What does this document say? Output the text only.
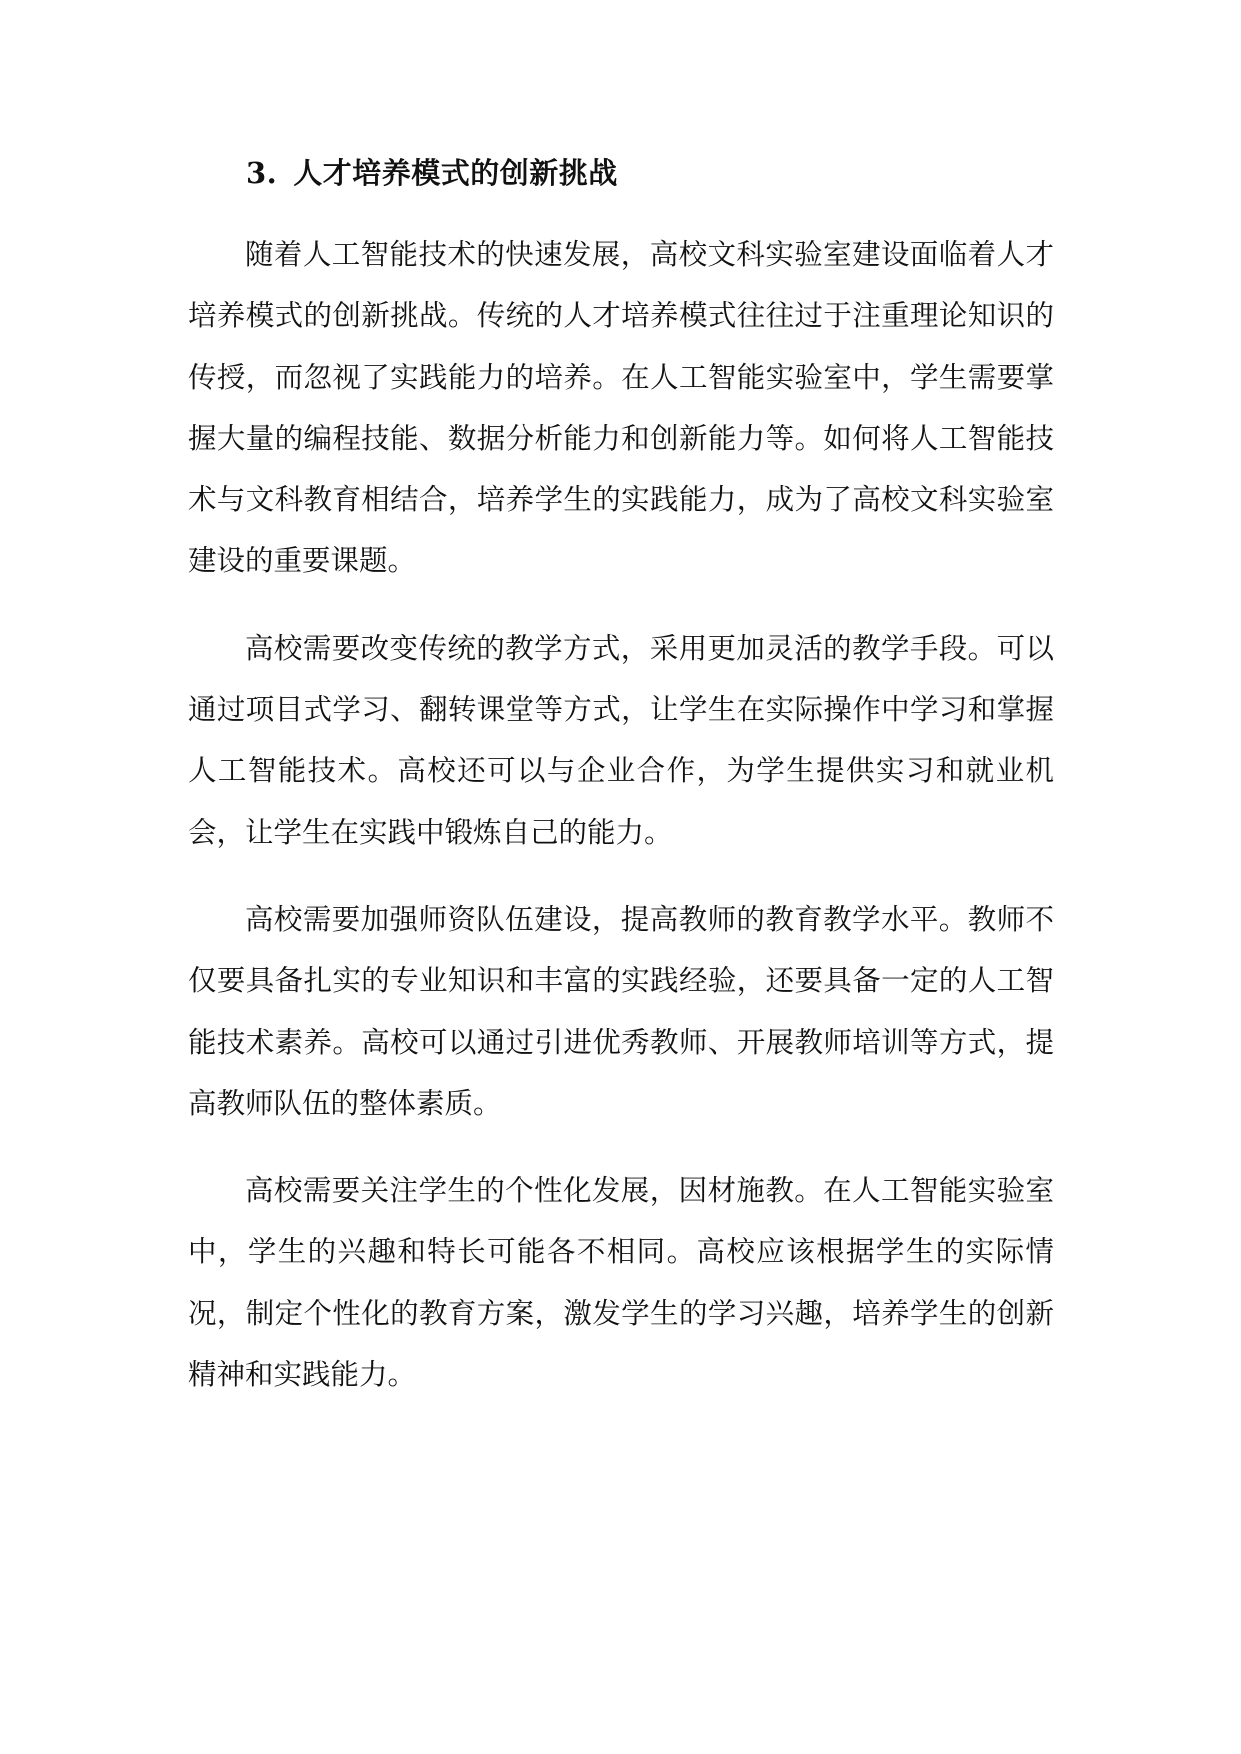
3. 人才培养模式的创新挑战

随着人工智能技术的快速发展，高校文科实验室建设面临着人才培养模式的创新挑战。传统的人才培养模式往往过于注重理论知识的传授，而忽视了实践能力的培养。在人工智能实验室中，学生需要掌握大量的编程技能、数据分析能力和创新能力等。如何将人工智能技术与文科教育相结合，培养学生的实践能力，成为了高校文科实验室建设的重要课题。

高校需要改变传统的教学方式，采用更加灵活的教学手段。可以通过项目式学习、翻转课堂等方式，让学生在实际操作中学习和掌握人工智能技术。高校还可以与企业合作，为学生提供实习和就业机会，让学生在实践中锻炼自己的能力。

高校需要加强师资队伍建设，提高教师的教育教学水平。教师不仅要具备扎实的专业知识和丰富的实践经验，还要具备一定的人工智能技术素养。高校可以通过引进优秀教师、开展教师培训等方式，提高教师队伍的整体素质。

高校需要关注学生的个性化发展，因材施教。在人工智能实验室中，学生的兴趣和特长可能各不相同。高校应该根据学生的实际情况，制定个性化的教育方案，激发学生的学习兴趣，培养学生的创新精神和实践能力。
